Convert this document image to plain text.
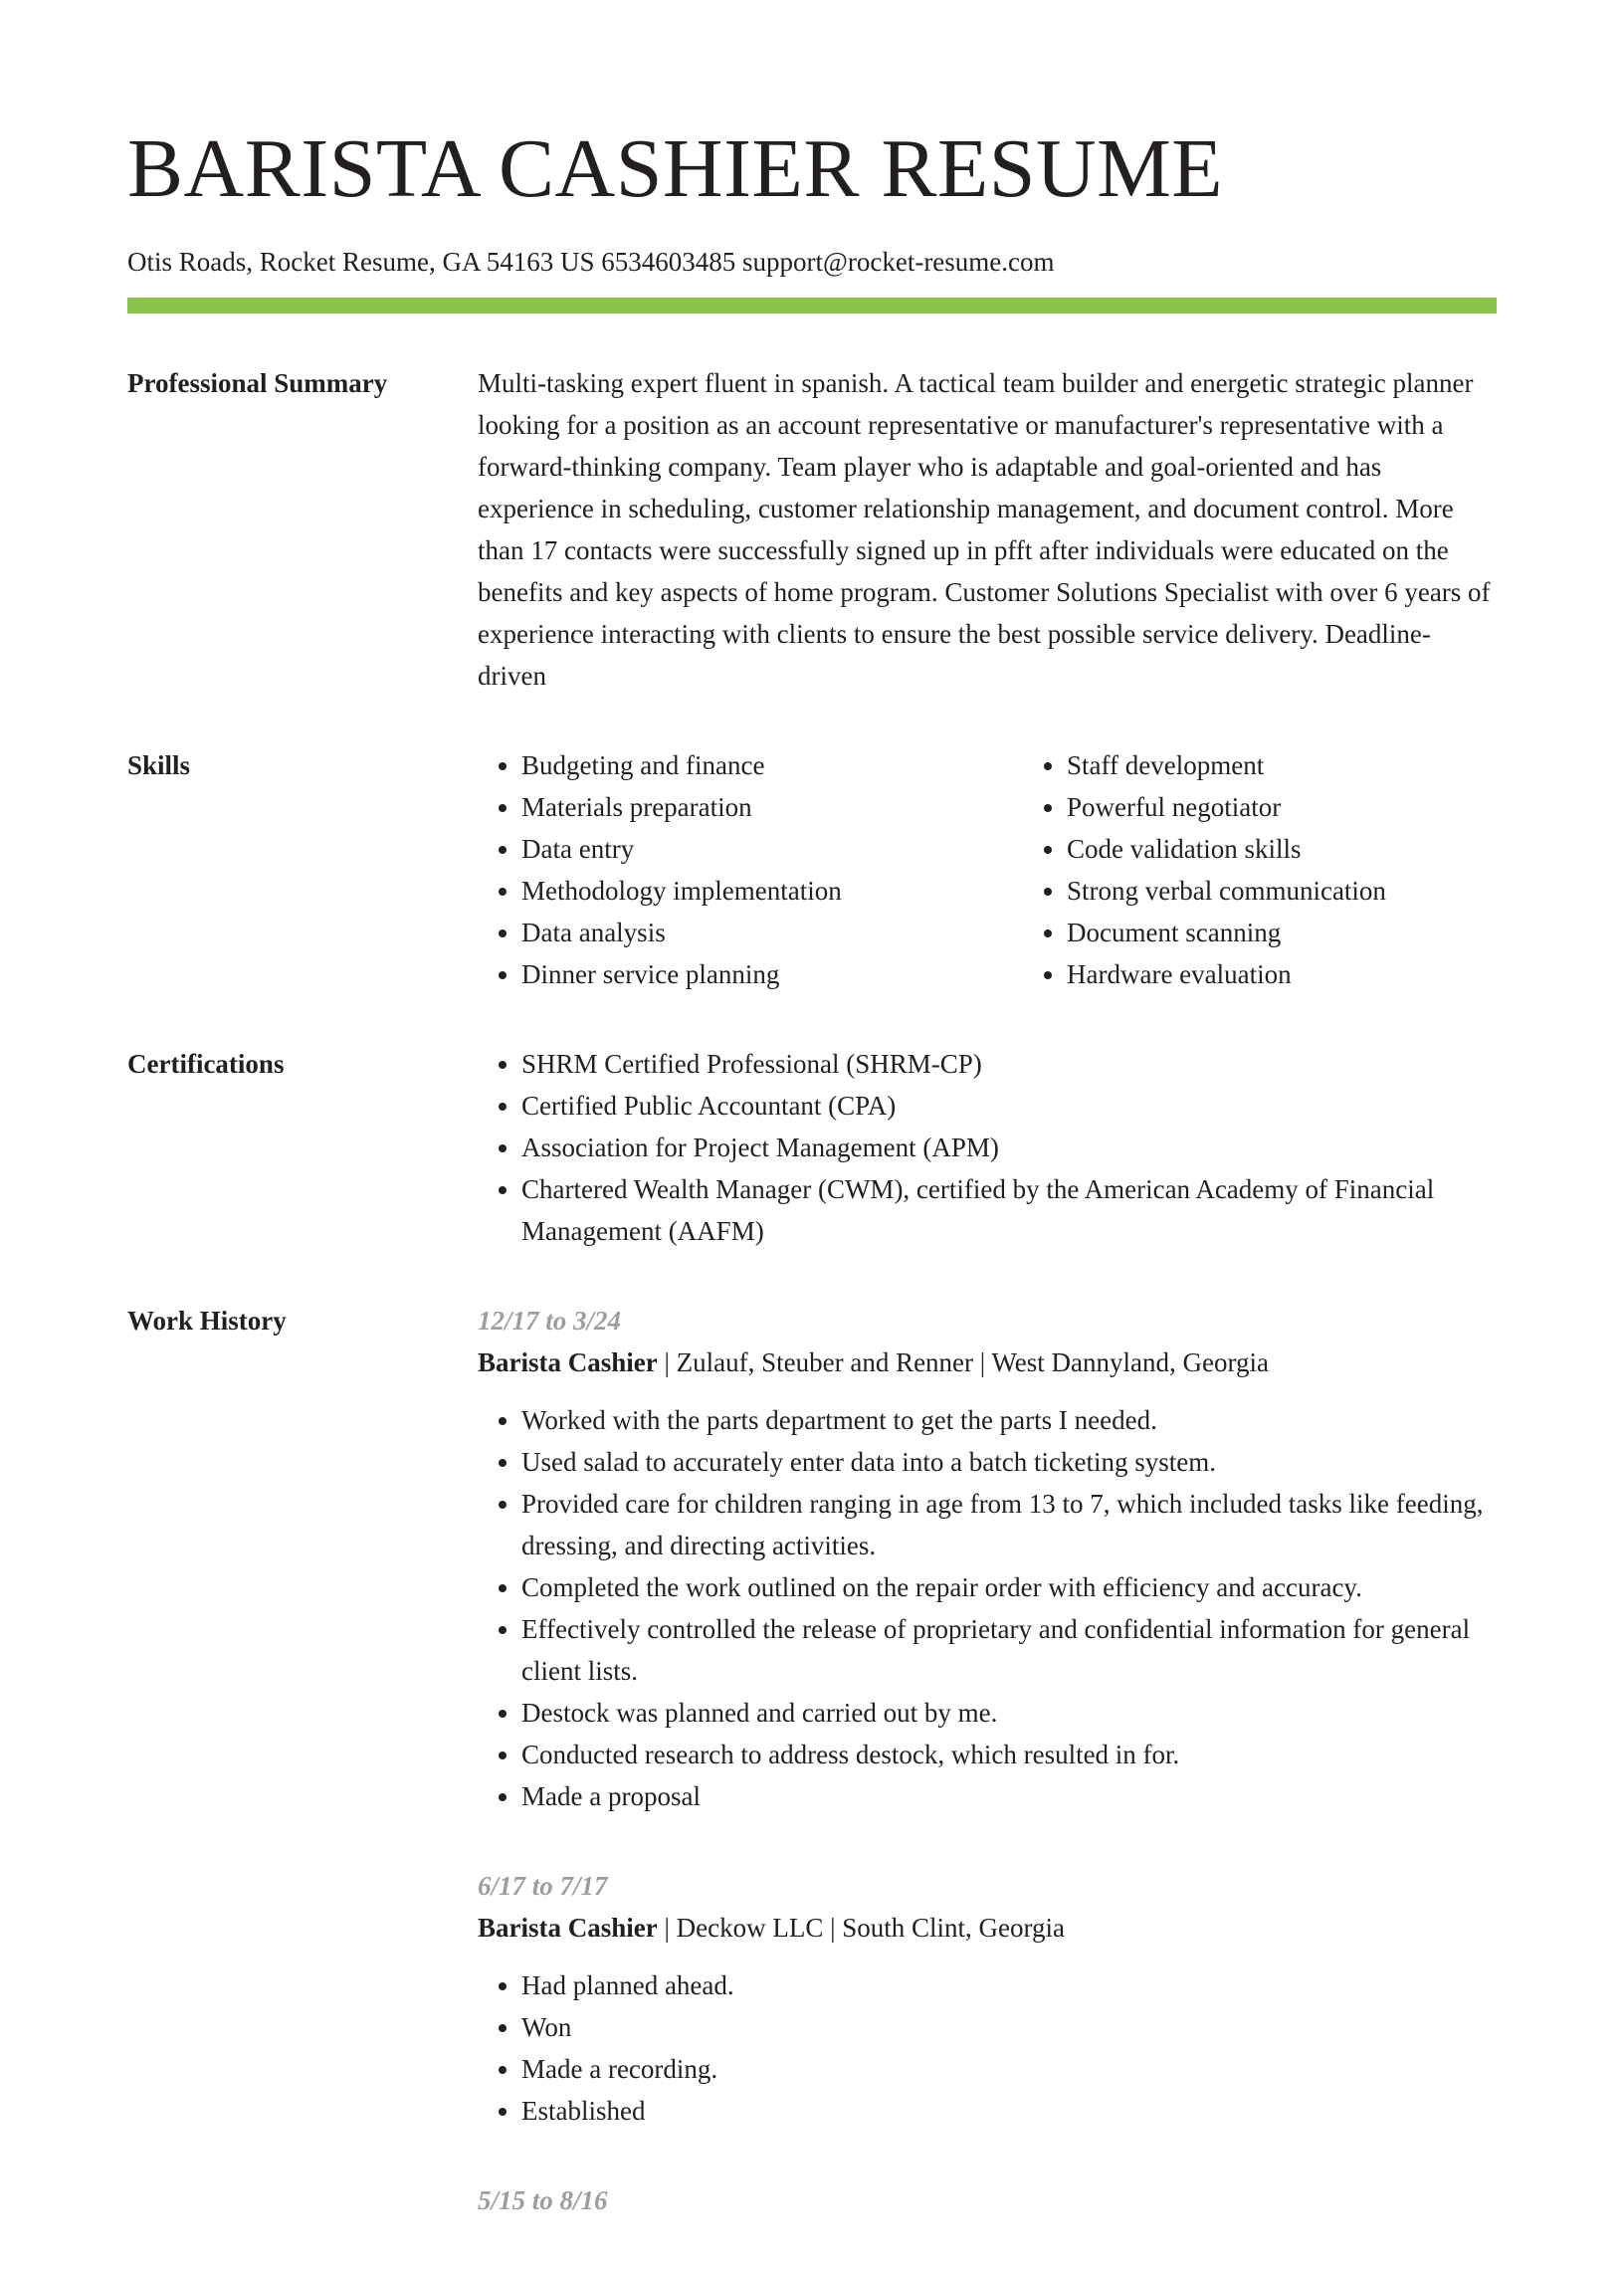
BARISTA CASHIER RESUME
Otis Roads, Rocket Resume, GA 54163 US 6534603485 support@rocket-resume.com
Professional Summary	Multi-tasking expert fluent in spanish. A tactical team builder and energetic strategic planner looking for a position as an account representative or manufacturer's representative with a forward-thinking company. Team player who is adaptable and goal-oriented and has experience in scheduling, customer relationship management, and document control. More than 17 contacts were successfully signed up in pfft after individuals were educated on the benefits and key aspects of home program. Customer Solutions Specialist with over 6 years of experience interacting with clients to ensure the best possible service delivery. Deadline-driven

Skills	• Budgeting and finance
• Materials preparation
• Data entry
• Methodology implementation
• Data analysis
• Dinner service planning
• Staff development
• Powerful negotiator
• Code validation skills
• Strong verbal communication
• Document scanning
• Hardware evaluation
Certifications	• SHRM Certified Professional (SHRM-CP)
• Certified Public Accountant (CPA)
• Association for Project Management (APM)
• Chartered Wealth Manager (CWM), certified by the American Academy of Financial Management (AAFM)
Work History	12/17 to 3/24
Barista Cashier | Zulauf, Steuber and Renner | West Dannyland, Georgia
• Worked with the parts department to get the parts I needed.
• Used salad to accurately enter data into a batch ticketing system.
• Provided care for children ranging in age from 13 to 7, which included tasks like feeding, dressing, and directing activities.
• Completed the work outlined on the repair order with efficiency and accuracy.
• Effectively controlled the release of proprietary and confidential information for general client lists.
• Destock was planned and carried out by me.
• Conducted research to address destock, which resulted in for.
• Made a proposal
6/17 to 7/17
Barista Cashier | Deckow LLC | South Clint, Georgia
• Had planned ahead.
• Won
• Made a recording.
• Established
5/15 to 8/16
